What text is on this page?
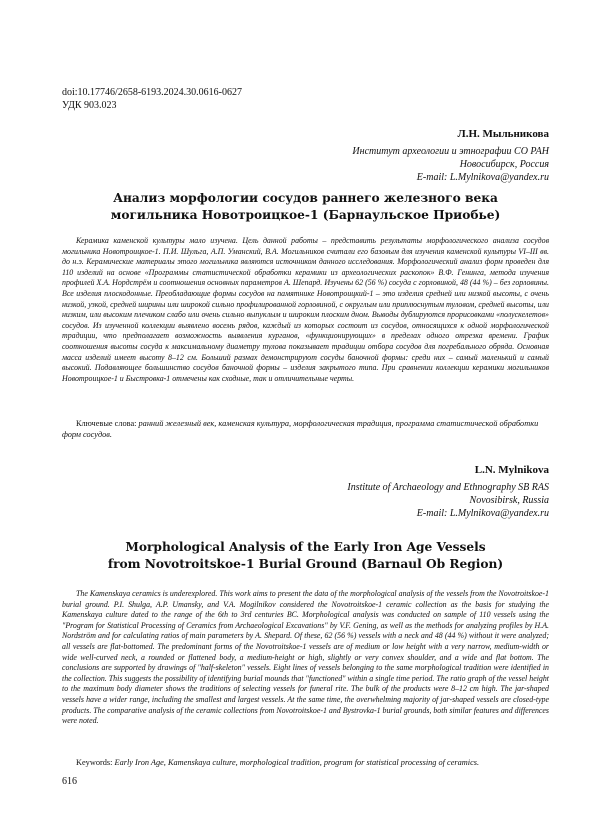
doi:10.17746/2658-6193.2024.30.0616-0627
УДК 903.023
Л.Н. Мыльникова
Институт археологии и этнографии СО РАН
Новосибирск, Россия
E-mail: L.Mylnikova@yandex.ru
Анализ морфологии сосудов раннего железного века
могильника Новотроицкое-1 (Барнаульское Приобье)

Керамика каменской культуры мало изучена. Цель данной работы – представить результаты морфологического анализа сосудов могильника Новотроицкое-1. П.И. Шульга, А.П. Уманский, В.А. Могильников считали его базовым для изучения каменской культуры VI–III вв. до н.э. Керамические материалы этого могильника являются источником данного исследования. Морфологический анализ форм проведен для 110 изделий на основе «Программы статистической обработки керамики из археологических раскопок» В.Ф. Генинга, метода изучения профилей Х.А. Нордстрём и соотношения основных параметров А. Шепард. Изучены 62 (56 %) сосуда с горловиной, 48 (44 %) – без горловины. Все изделия плоскодонные. Преобладающие формы сосудов на памятнике Новотроицкий-1 – это изделия средней или низкой высоты, с очень низкой, узкой, средней ширины или широкой сильно профилированной горловиной, с округлым или приплюснутым туловом, средней высоты, или низким, или высоким плечиком слабо или очень сильно выпуклым и широким плоским дном. Выводы дублируются прорисовками «полускелетов» сосудов. Из изученной коллекции выявлено восемь рядов, каждый из которых состоит из сосудов, относящихся к одной морфологической традиции, что предполагает возможность выявления курганов, «функционирующих» в пределах одного отрезка времени. График соотношения высоты сосуда к максимальному диаметру тулова показывает традиции отбора сосудов для погребального обряда. Основная масса изделий имеет высоту 8–12 см. Больший размах демонстрируют сосуды баночной формы: среди них – самый маленький и самый высокий. Подавляющее большинство сосудов баночной формы – изделия закрытого типа. При сравнении коллекции керамики могильников Новотроицкое-1 и Быстровка-1 отмечены как сходные, так и отличительные черты.

Ключевые слова: ранний железный век, каменская культура, морфологическая традиция, программа статистической обработки форм сосудов.

L.N. Mylnikova
Institute of Archaeology and Ethnography SB RAS
Novosibirsk, Russia
E-mail: L.Mylnikova@yandex.ru
Morphological Analysis of the Early Iron Age Vessels
from Novotroitskoe-1 Burial Ground (Barnaul Ob Region)

The Kamenskaya ceramics is underexplored. This work aims to present the data of the morphological analysis of the vessels from the Novotroitskoe-1 burial ground. P.I. Shulga, A.P. Umansky, and V.A. Mogilnikov considered the Novotroitskoe-1 ceramic collection as the basis for studying the Kamenskaya culture dated to the range of the 6th to 3rd centuries BC. Morphological analysis was conducted on sample of 110 vessels using the "Program for Statistical Processing of Ceramics from Archaeological Excavations" by V.F. Gening, as well as the methods for analyzing profiles by H.A. Nordström and for calculating ratios of main parameters by A. Shepard. Of these, 62 (56 %) vessels with a neck and 48 (44 %) without it were analyzed; all vessels are flat-bottomed. The predominant forms of the Novotroitskoe-1 vessels are of medium or low height with a very narrow, medium-width or wide well-curved neck, a rounded or flattened body, a medium-height or high, slightly or very convex shoulder, and a wide and flat bottom. The conclusions are supported by drawings of "half-skeleton" vessels. Eight lines of vessels belonging to the same morphological tradition were identified in the collection. This suggests the possibility of identifying burial mounds that "functioned" within a single time period. The ratio graph of the vessel height to the maximum body diameter shows the traditions of selecting vessels for funeral rite. The bulk of the products were 8–12 cm high. The jar-shaped vessels have a wider range, including the smallest and largest vessels. At the same time, the overwhelming majority of jar-shaped vessels are closed-type products. The comparative analysis of the ceramic collections from Novotroitskoe-1 and Bystrovka-1 burial grounds, both similar features and differences were noted.

Keywords: Early Iron Age, Kamenskaya culture, morphological tradition, program for statistical processing of ceramics.

616
